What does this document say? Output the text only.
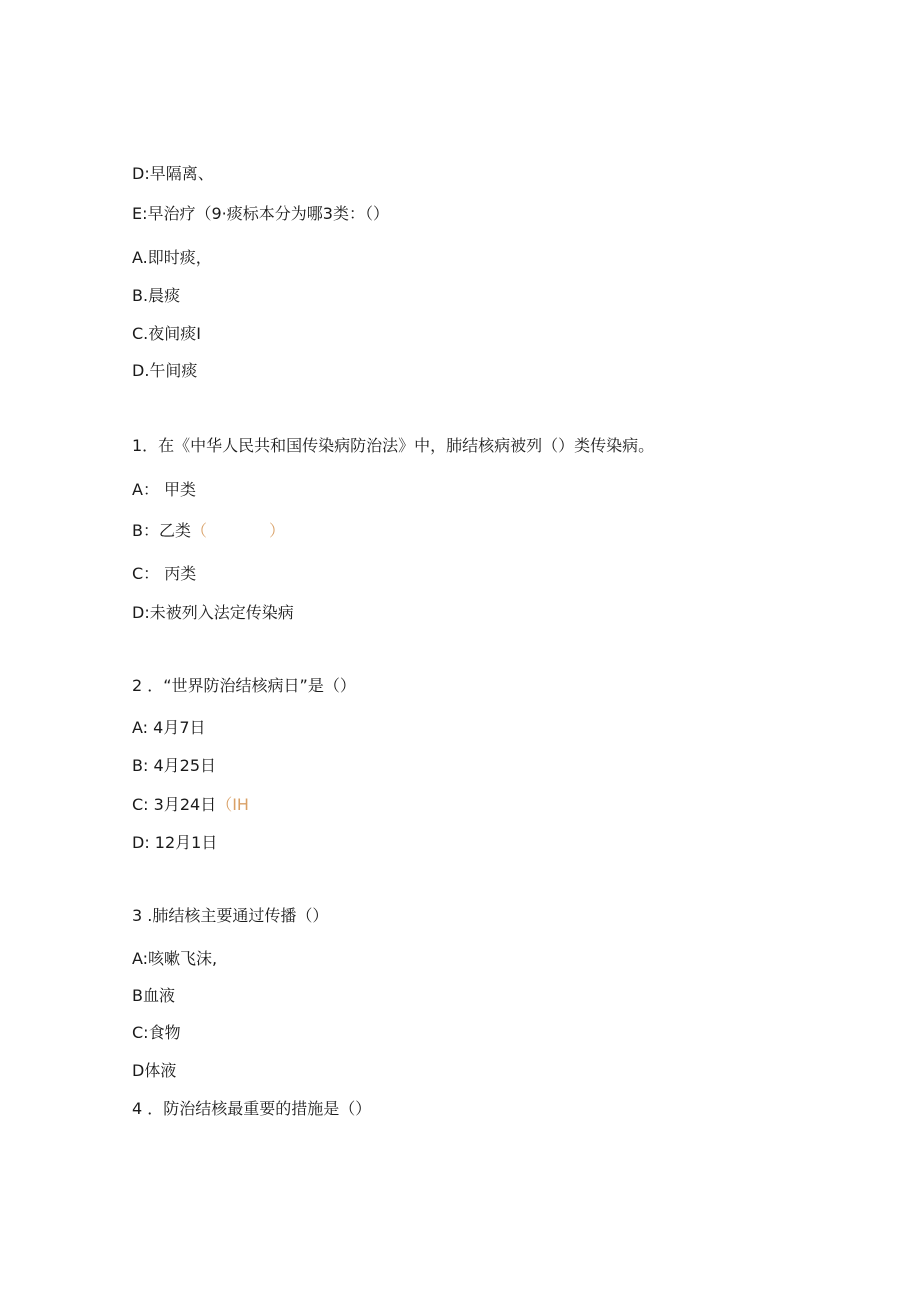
D:早隔离、
E:早治疗（9·痰标本分为哪3类：（）
A.即时痰，
B.晨痰
C.夜间痰I
D.午间痰
1．在《中华人民共和国传染病防治法》中，肺结核病被列（）类传染病。
A： 甲类
B：乙类（	）
C： 丙类
D:未被列入法定传染病
2 ．“世界防治结核病日”是（）
A: 4月7日
B: 4月25日
C: 3月24日（IH
D: 12月1日
3 .肺结核主要通过传播（）
A:咳嗽飞沫,
B血液
C:食物
D体液
4 ．防治结核最重要的措施是（）
